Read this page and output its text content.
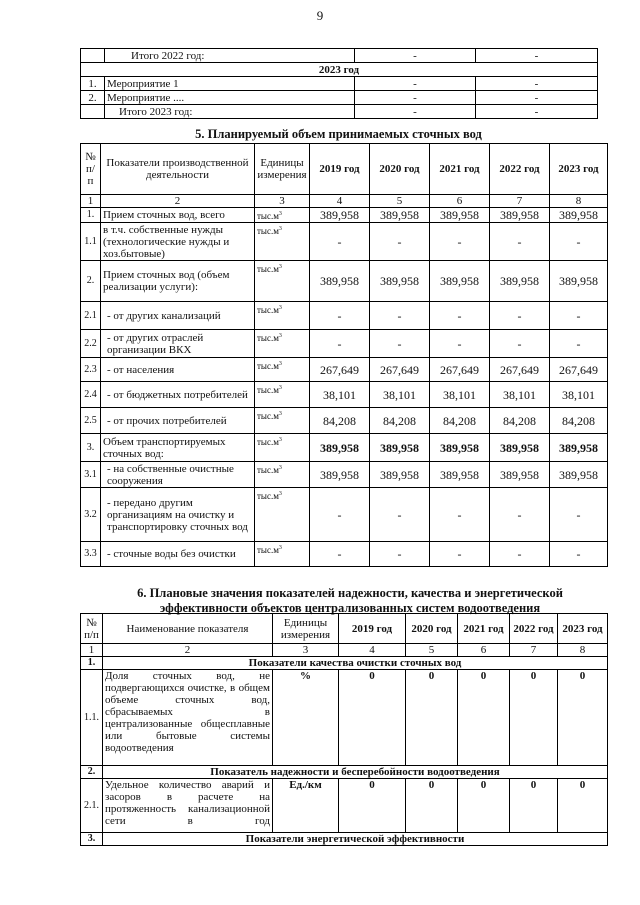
9
	Итого 2022 год:	-	-
2023 год			
1.	Мероприятие 1	-	-
2.	Мероприятие ....	-	-
	Итого 2023 год:	-	-
5. Планируемый объем принимаемых сточных вод
№
п/
п	Показатели производственной деятельности	Единицы измерения	2019 год	2020 год	2021 год	2022 год	2023 год
1	2	3	4	5	6	7	8
1.	Прием сточных вод, всего	$тыс.м^3$	389,958	389,958	389,958	389,958	389,958
1.1	в т.ч. собственные нужды (технологические нужды и хоз.бытовые)	$тыс.м^3$	-	-	-	-	-
2.	Прием сточных вод (объем реализации услуги):	$тыс.м^3$	389,958	389,958	389,958	389,958	389,958
2.1	- от других канализаций	$тыс.м^3$	-	-	-	-	-
2.2	- от других отраслей организации ВКХ	$тыс.м^3$	-	-	-	-	-
2.3	- от населения	$тыс.м^3$	267,649	267,649	267,649	267,649	267,649
2.4	- от бюджетных потребителей	$тыс.м^3$	38,101	38,101	38,101	38,101	38,101
2.5	- от прочих потребителей	$тыс.м^3$	84,208	84,208	84,208	84,208	84,208
3.	Объем транспортируемых сточных вод:	$тыс.м^3$	389,958	389,958	389,958	389,958	389,958
3.1	- на собственные очистные сооружения	$тыс.м^3$	389,958	389,958	389,958	389,958	389,958
3.2	- передано другим организациям на очистку и транспортировку сточных вод	$тыс.м^3$	-	-	-	-	-
3.3	- сточные воды без очистки	$тыс.м^3$	-	-	-	-	-
6. Плановые значения показателей надежности, качества и энергетической
эффективности объектов централизованных систем водоотведения
№ п/п	Наименование показателя	Единицы измерения	2019 год	2020 год	2021 год	2022 год	2023 год
1	2	3	4	5	6	7	8
1.	Показатели качества очистки сточных вод						
1.1.	Доля сточных вод, не подвергающихся очистке, в общем объеме сточных вод, сбрасываемых в централизованные общесплавные или бытовые системы водоотведения	%	0	0	0	0	0
2.	Показатель надежности и бесперебойности водоотведения						
2.1.	Удельное количество аварий и засоров в расчете на протяженность канализационной сети в год	Ед./км	0	0	0	0	0
3.	Показатели энергетической эффективности						
